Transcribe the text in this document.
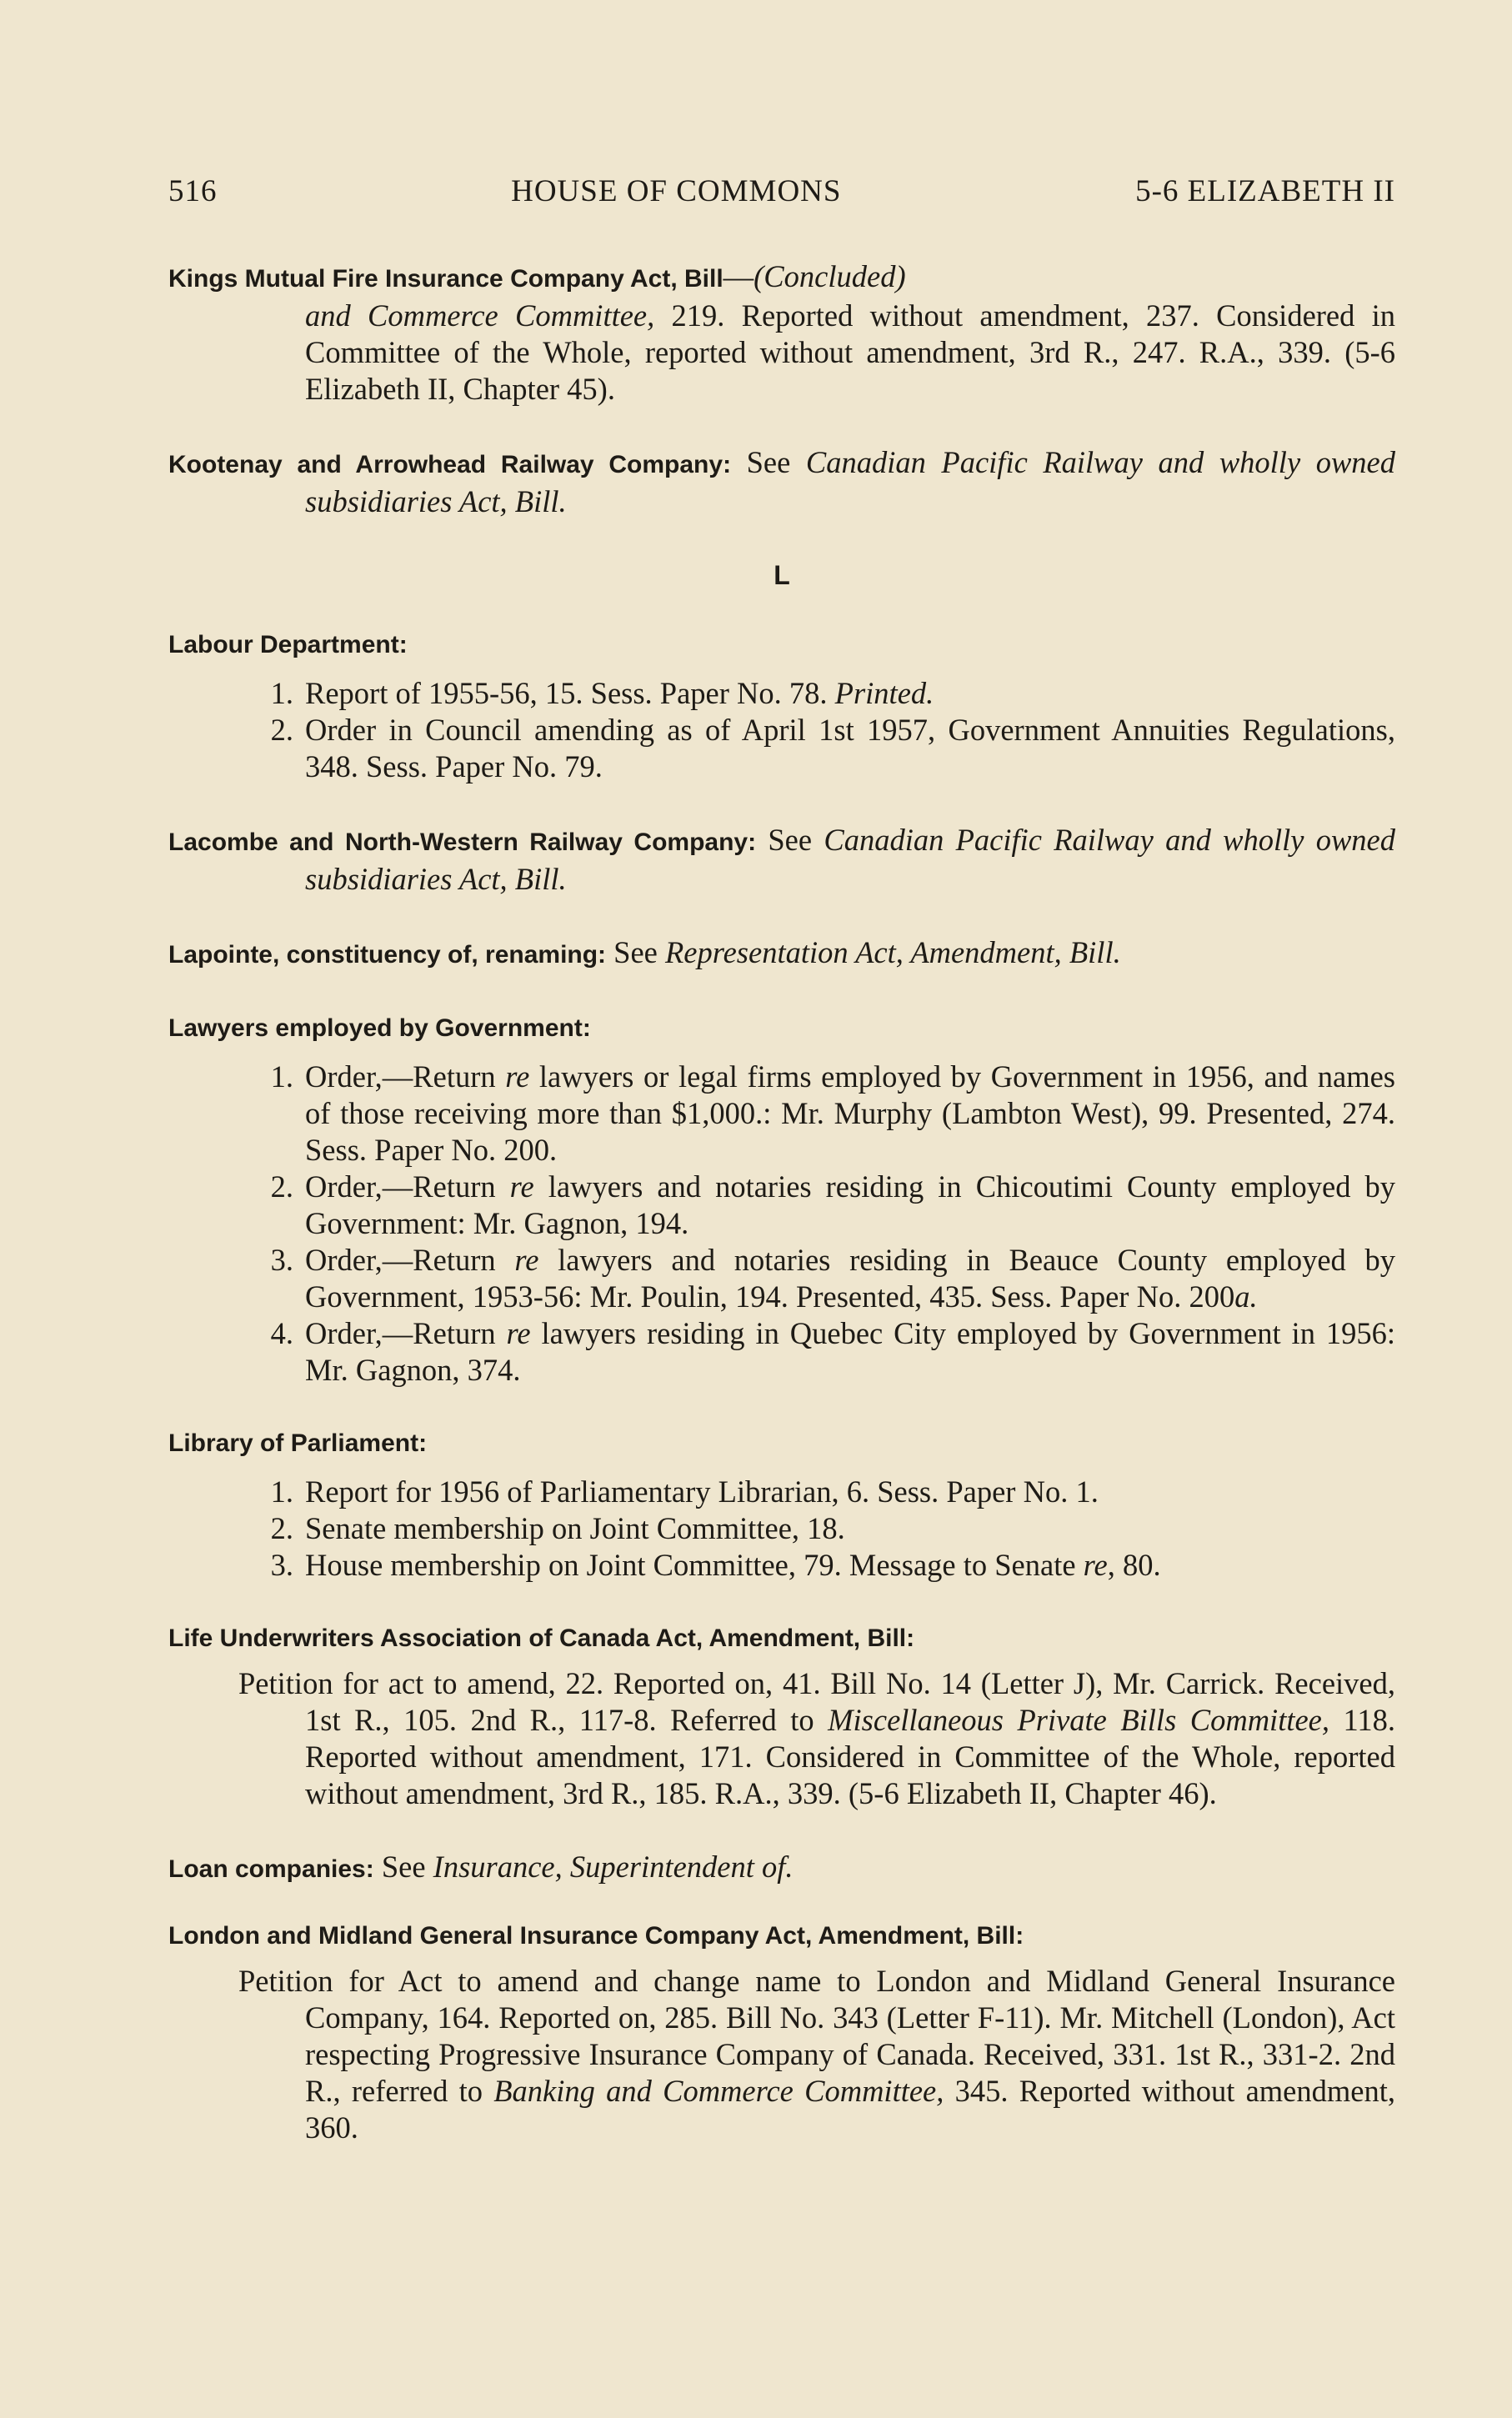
516	HOUSE OF COMMONS	5-6 ELIZABETH II
Kings Mutual Fire Insurance Company Act, Bill—(Concluded)
and Commerce Committee, 219. Reported without amendment, 237. Considered in Committee of the Whole, reported without amendment, 3rd R., 247. R.A., 339. (5-6 Elizabeth II, Chapter 45).
Kootenay and Arrowhead Railway Company: See Canadian Pacific Railway and wholly owned subsidiaries Act, Bill.
L
Labour Department:
1. Report of 1955-56, 15. Sess. Paper No. 78. Printed.
2. Order in Council amending as of April 1st 1957, Government Annuities Regulations, 348. Sess. Paper No. 79.
Lacombe and North-Western Railway Company: See Canadian Pacific Railway and wholly owned subsidiaries Act, Bill.
Lapointe, constituency of, renaming: See Representation Act, Amendment, Bill.
Lawyers employed by Government:
1. Order,—Return re lawyers or legal firms employed by Government in 1956, and names of those receiving more than $1,000.: Mr. Murphy (Lambton West), 99. Presented, 274. Sess. Paper No. 200.
2. Order,—Return re lawyers and notaries residing in Chicoutimi County employed by Government: Mr. Gagnon, 194.
3. Order,—Return re lawyers and notaries residing in Beauce County employed by Government, 1953-56: Mr. Poulin, 194. Presented, 435. Sess. Paper No. 200a.
4. Order,—Return re lawyers residing in Quebec City employed by Government in 1956: Mr. Gagnon, 374.
Library of Parliament:
1. Report for 1956 of Parliamentary Librarian, 6. Sess. Paper No. 1.
2. Senate membership on Joint Committee, 18.
3. House membership on Joint Committee, 79. Message to Senate re, 80.
Life Underwriters Association of Canada Act, Amendment, Bill:
Petition for act to amend, 22. Reported on, 41. Bill No. 14 (Letter J), Mr. Carrick. Received, 1st R., 105. 2nd R., 117-8. Referred to Miscellaneous Private Bills Committee, 118. Reported without amendment, 171. Considered in Committee of the Whole, reported without amendment, 3rd R., 185. R.A., 339. (5-6 Elizabeth II, Chapter 46).
Loan companies: See Insurance, Superintendent of.
London and Midland General Insurance Company Act, Amendment, Bill:
Petition for Act to amend and change name to London and Midland General Insurance Company, 164. Reported on, 285. Bill No. 343 (Letter F-11). Mr. Mitchell (London), Act respecting Progressive Insurance Company of Canada. Received, 331. 1st R., 331-2. 2nd R., referred to Banking and Commerce Committee, 345. Reported without amendment, 360.
